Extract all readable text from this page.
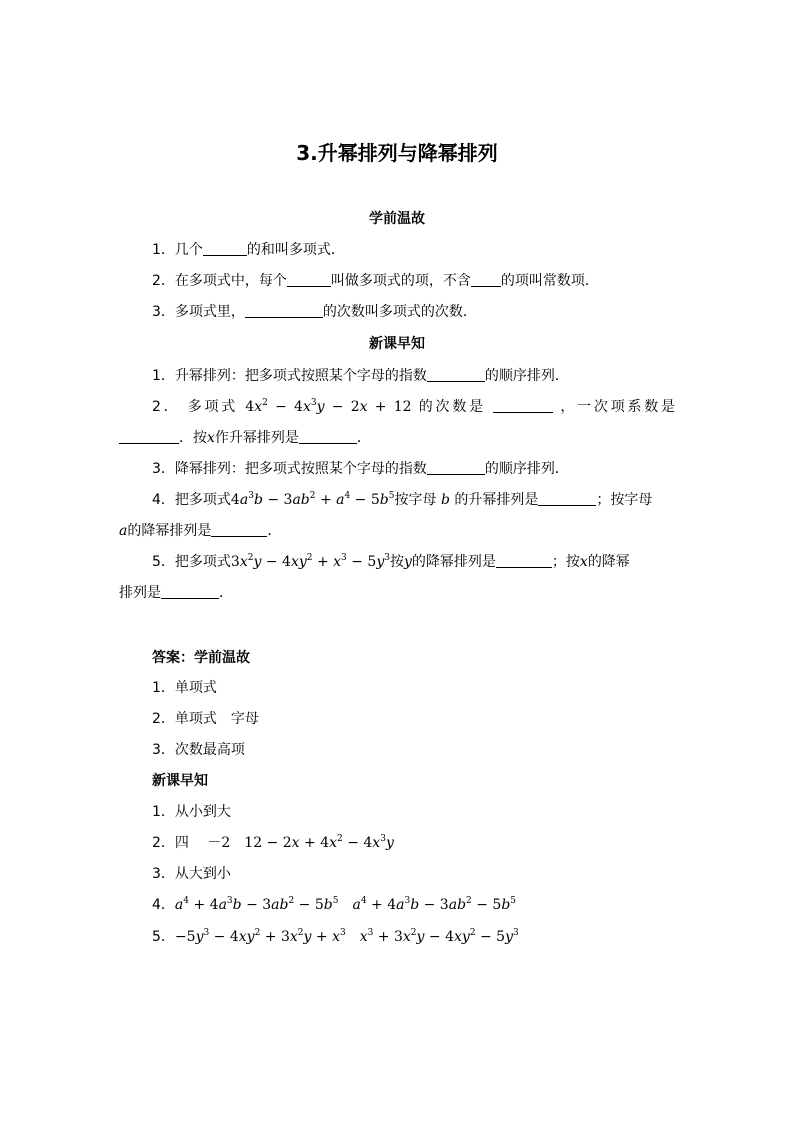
3.升幂排列与降幂排列
学前温故
1．几个	的和叫多项式．
2．在多项式中，每个	叫做多项式的项，不含 的项叫常数项．
3．多项式里，	的次数叫多项式的次数．
新课早知
1．升幂排列：把多项式按照某个字母的指数	的顺序排列．
2． 多项式 $4x^2 - 4x^3y - 2x + 12$ 的次数是	，一次项系数是
．按x作升幂排列是	．
3．降幂排列：把多项式按照某个字母的指数	的顺序排列．
4．把多项式$4a^3b - 3ab^2 + a^4 - 5b^5$按字母 b 的升幂排列是	；按字母
a的降幂排列是	．
5．把多项式$3x^2y - 4xy^2 + x^3 - 5y^3$按y的降幂排列是	；按x的降幂
排列是	．
答案：学前温故
1．单项式
2．单项式　字母
3．次数最高项
新课早知
1．从小到大
2．四　 －2　 $12 - 2x + 4x^2 - 4x^3y$
3．从大到小
4．$a^4 + 4a^3b - 3ab^2 - 5b^5$　 $a^4 + 4a^3b - 3ab^2 - 5b^5$
5．$-5y^3 - 4xy^2 + 3x^2y + x^3$　 $x^3 + 3x^2y - 4xy^2 - 5y^3$
